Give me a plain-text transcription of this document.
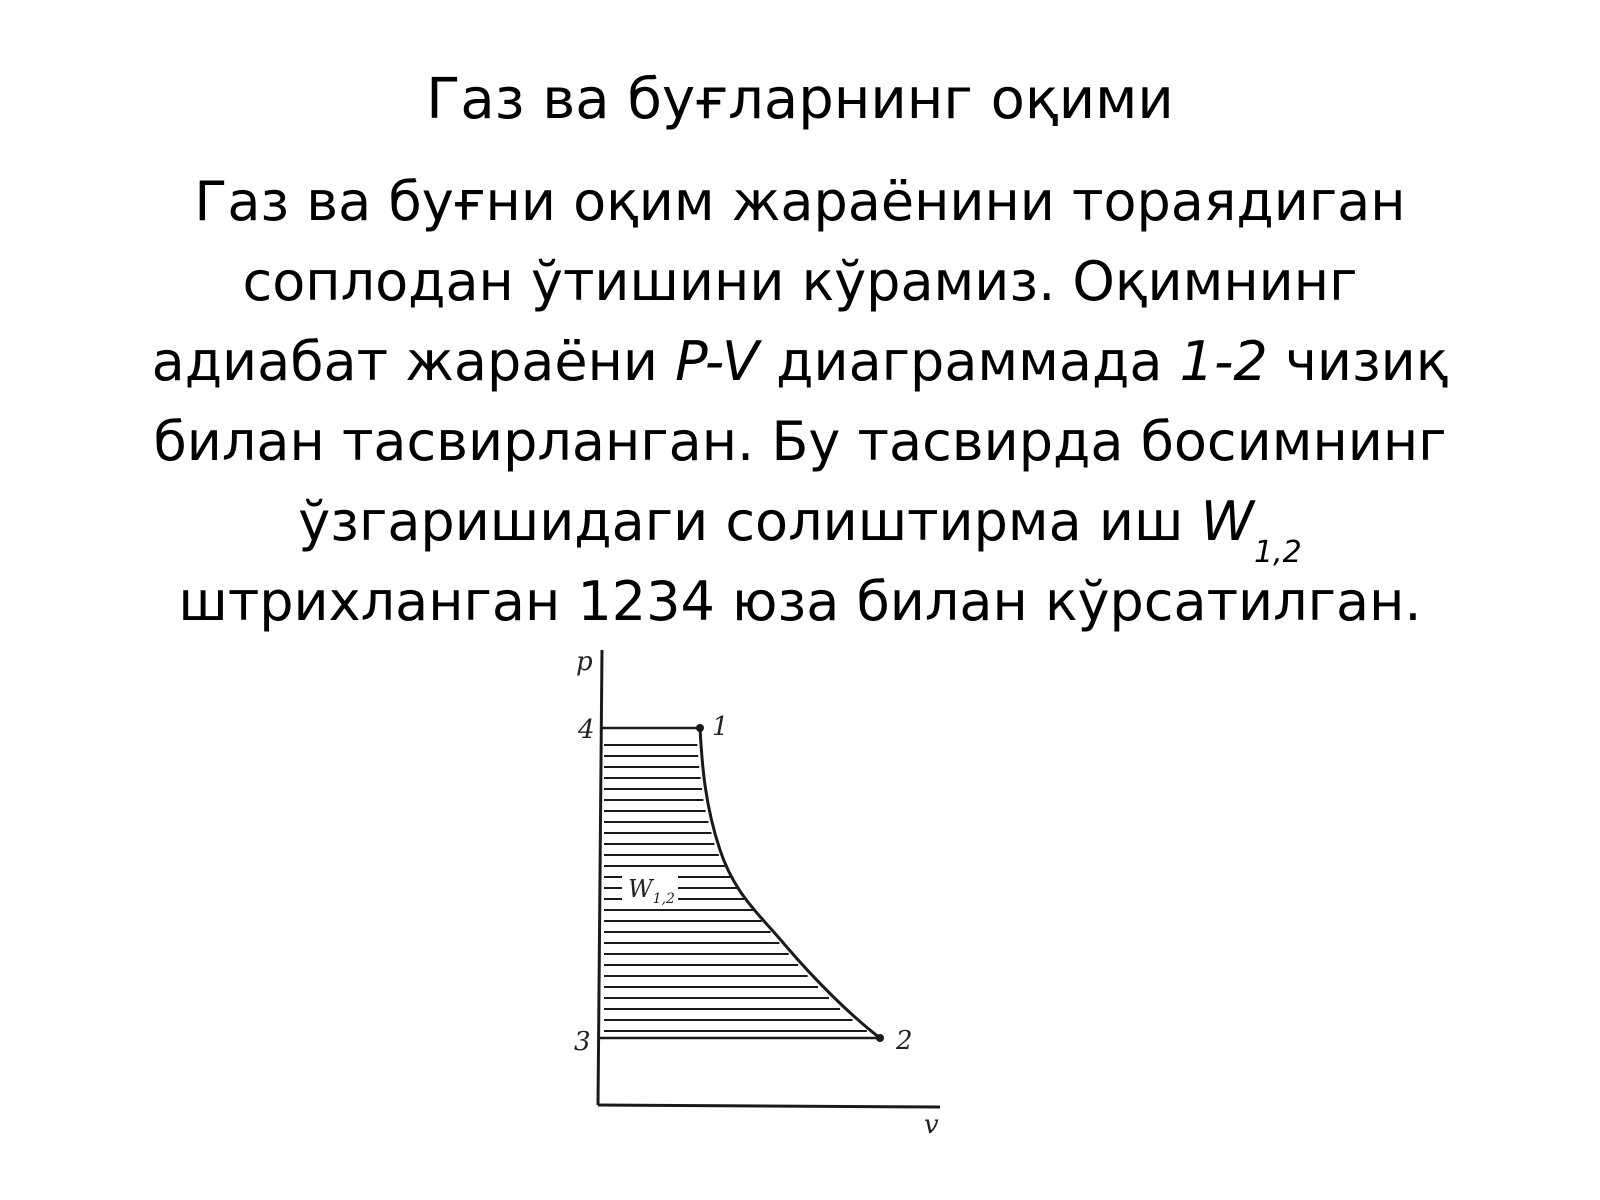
Газ ва буғларнинг оқими
Газ ва буғни оқим жараёнини тораядиган
соплодан ўтишини кўрамиз. Оқимнинг
адиабат жараёни P-V диаграммада 1-2 чизиқ
билан тасвирланган. Бу тасвирда босимнинг
ўзгаришидаги солиштирма иш $W_{1,2}$
штрихланган 1234 юза билан кўрсатилган.
p
v
4	1
3	2
$W_{1,2}$
